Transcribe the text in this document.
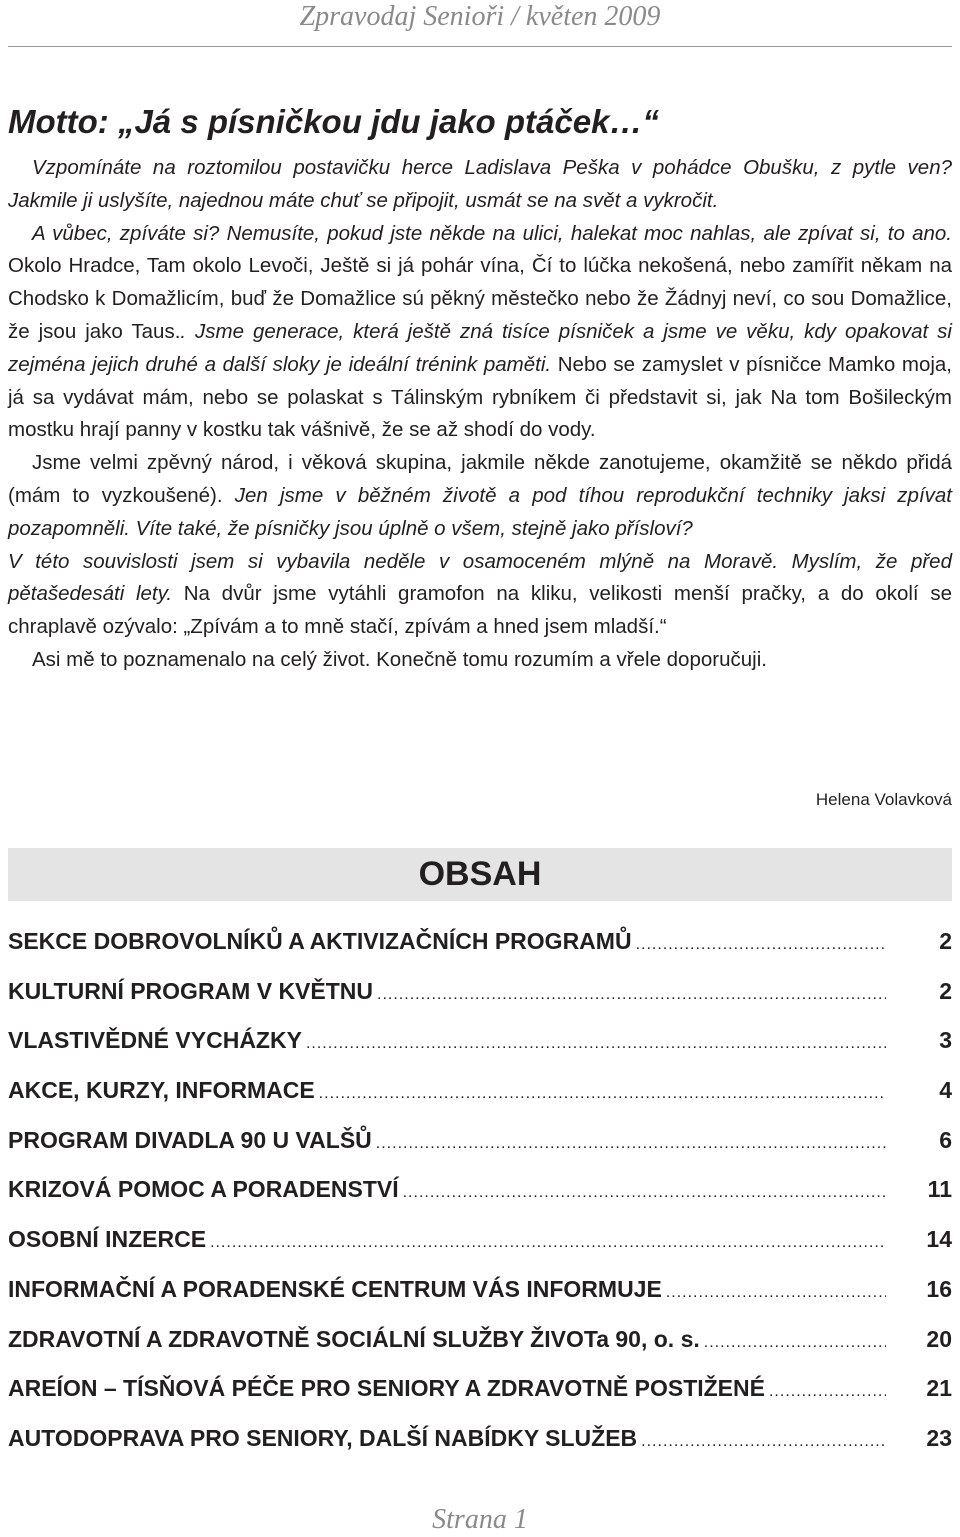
Zpravodaj Senioři / květen 2009
Motto: „Já s písničkou jdu jako ptáček…“

Vzpomínáte na roztomilou postavičku herce Ladislava Peška v pohádce Obušku, z pytle ven? Jakmile ji uslyšíte, najednou máte chuť se připojit, usmát se na svět a vykročit.

A vůbec, zpíváte si? Nemusíte, pokud jste někde na ulici, halekat moc nahlas, ale zpívat si, to ano. Okolo Hradce, Tam okolo Levoči, Ještě si já pohár vína, Čí to lúčka nekošená, nebo zamířit někam na Chodsko k Domažlicím, buď že Domažlice sú pěkný městečko nebo že Žádnyj neví, co sou Domažlice, že jsou jako Taus.. Jsme generace, která ještě zná tisíce písniček a jsme ve věku, kdy opakovat si zejména jejich druhé a další sloky je ideální trénink paměti. Nebo se zamyslet v písničce Mamko moja, já sa vydávat mám, nebo se polaskat s Tálinským rybníkem či představit si, jak Na tom Bošileckým mostku hrají panny v kostku tak vášnivě, že se až shodí do vody.

Jsme velmi zpěvný národ, i věková skupina, jakmile někde zanotujeme, okamžitě se někdo přidá (mám to vyzkoušené). Jen jsme v běžném životě a pod tíhou reprodukční techniky jaksi zpívat pozapomněli. Víte také, že písničky jsou úplně o všem, stejně jako přísloví?

V této souvislosti jsem si vybavila neděle v osamoceném mlýně na Moravě. Myslím, že před pětašedesáti lety. Na dvůr jsme vytáhli gramofon na kliku, velikosti menší pračky, a do okolí se chraplavě ozývalo: „Zpívám a to mně stačí, zpívám a hned jsem mladší.“

Asi mě to poznamenalo na celý život. Konečně tomu rozumím a vřele doporučuji.

Helena Volavková
OBSAH
SEKCE DOBROVOLNÍKŮ A AKTIVIZAČNÍCH PROGRAMŮ .....	2
KULTURNÍ PROGRAM V KVĚTNU .....	2
VLASTIVĚDNÉ VYCHÁZKY .....	3
AKCE, KURZY, INFORMACE .....	4
PROGRAM DIVADLA 90 U VALŠŮ .....	6
KRIZOVÁ POMOC A PORADENSTVÍ .....	11
OSOBNÍ INZERCE .....	14
INFORMAČNÍ A PORADENSKÉ CENTRUM VÁS INFORMUJE .....	16
ZDRAVOTNÍ A ZDRAVOTNĚ SOCIÁLNÍ SLUŽBY ŽIVOTa 90, o. s. .....	20
AREÍON – TÍSŇOVÁ PÉČE PRO SENIORY A ZDRAVOTNĚ POSTIŽENÉ .....	21
AUTODOPRAVA PRO SENIORY, DALŠÍ NABÍDKY SLUŽEB .....	23
Strana 1
